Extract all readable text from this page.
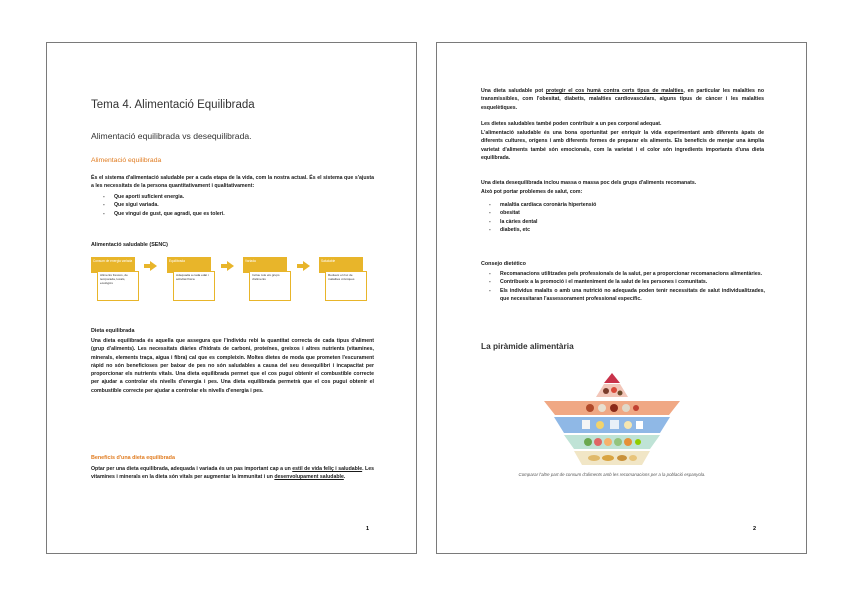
Tema 4. Alimentació Equilibrada
Alimentació equilibrada vs desequilibrada.
Alimentació equilibrada
És el sistema d'alimentació saludable per a cada etapa de la vida, com la nostra actual. És el sistema que s'ajusta a les necessitats de la persona quantitativament i qualitativament:
- Que aporti suficient energia.
- Que sigui variada.
- Que vingui de gust, que agradi, que es toleri.
Alimentació saludable (SENC)
Consum de energia variada
Aliments frescos, de temporada, locals, ecològics
Equilibrada
Adequada a cada edat i activitat física
Variada
Inclou tots els grups d'aliments
Saludable
Redueix el risc de malalties cròniques
Dieta equilibrada
Una dieta equilibrada és aquella que assegura que l'individu rebi la quantitat correcta de cada tipus d'aliment (grup d'aliments). Les necessitats diàries d'hidrats de carboni, proteïnes, greixos i altres nutrients (vitamines, minerals, elements traça, aigua i fibra) cal que es compleixin. Moltes dietes de moda que prometen l'escurament ràpid no són beneficioses per baixar de pes no són saludables a causa del seu desequilibri i incapacitat per proporcionar els nutrients vitals. Una dieta equilibrada permet que el cos pugui obtenir el combustible correcte per ajudar a controlar els nivells d'energia i pes. Una dieta equilibrada permetrà que el cos pugui obtenir el combustible correcte per ajudar a controlar els nivells d'energia i pes.
Beneficis d'una dieta equilibrada
Optar per una dieta equilibrada, adequada i variada és un pas important cap a un estil de vida feliç i saludable. Les vitamines i minerals en la dieta són vitals per augmentar la immunitat i un desenvolupament saludable.
1
Una dieta saludable pot protegir el cos humà contra certs tipus de malalties, en particular les malalties no transmissibles, com l'obesitat, diabetis, malalties cardiovasculars, alguns tipus de càncer i les malalties esquelètiques.
Les dietes saludables també poden contribuir a un pes corporal adequat.
L'alimentació saludable és una bona oportunitat per enriquir la vida experimentant amb diferents àpats de diferents cultures, orígens i amb diferents formes de preparar els aliments. Els beneficis de menjar una àmplia varietat d'aliments també són emocionals, com la varietat i el color són ingredients importants d'una dieta equilibrada.
Una dieta desequilibrada inclou massa o massa poc dels grups d'aliments recomanats.
Això pot portar problemes de salut, com:
- malaltia cardíaca coronària hipertensió
- obesitat
- la càries dental
- diabetis, etc
Consejo dietético
- Recomanacions utilitzades pels professionals de la salut, per a proporcionar recomanacions alimentàries.
- Contribueix a la promoció i el manteniment de la salut de les persones i comunitats.
- Els individus malalts o amb una nutrició no adequada poden tenir necessitats de salut individualitzades, que necessitaran l'assessorament professional específic.
La piràmide alimentària
Comparar l'altre part de consum d'aliments amb les recomanacions per a la població espanyola.
2
